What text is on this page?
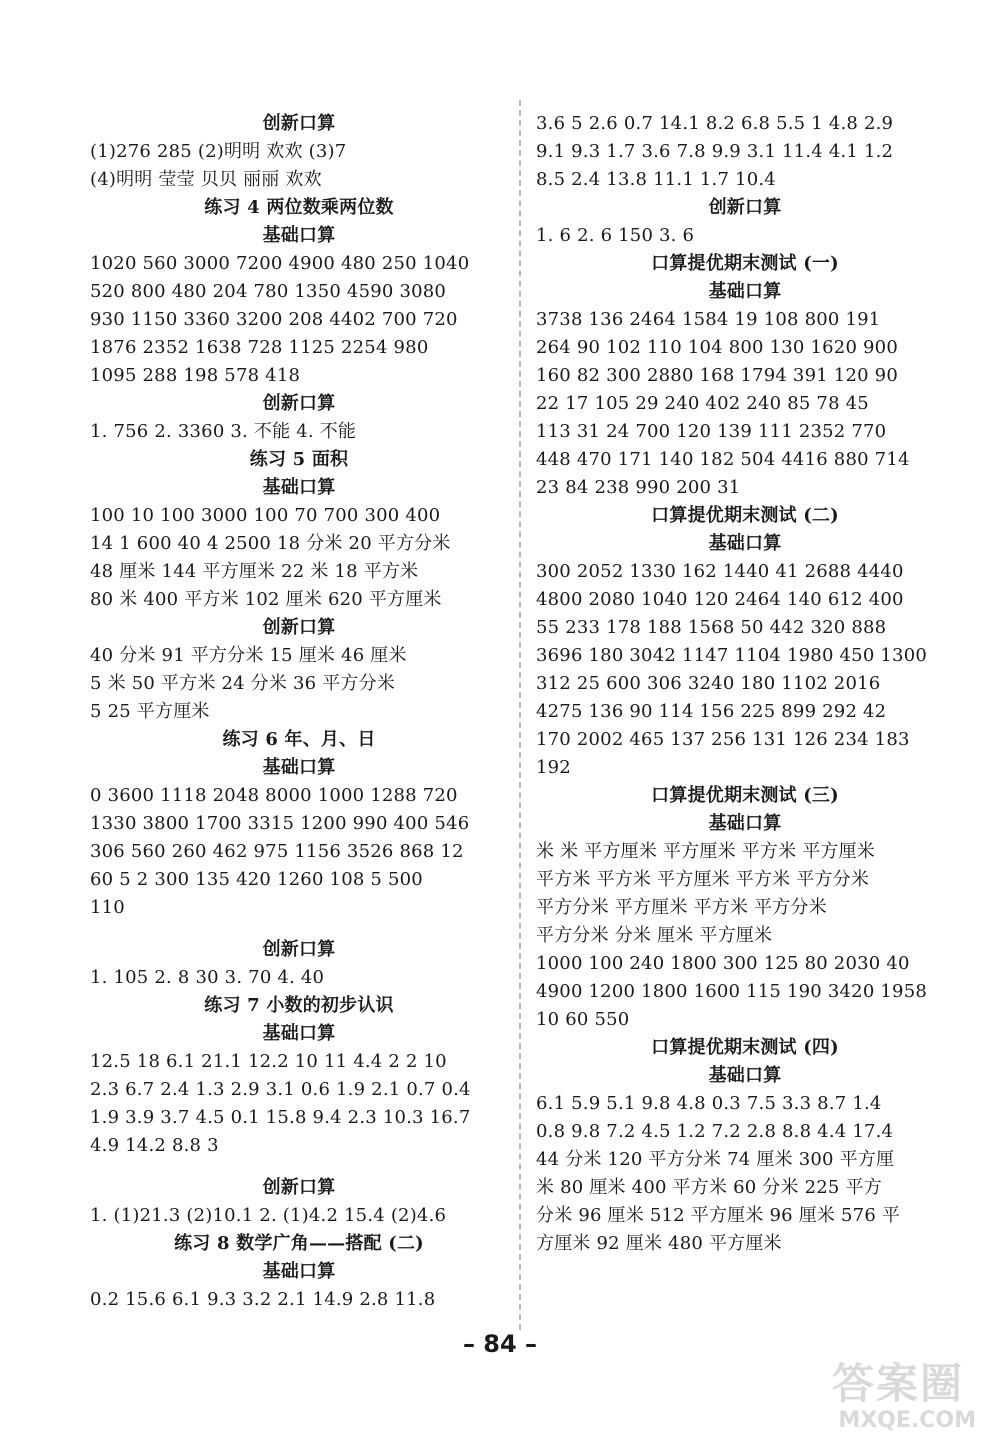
创新口算
(1)276 285 (2)明明 欢欢 (3)7
(4)明明 莹莹 贝贝 丽丽 欢欢
练习 4 两位数乘两位数
基础口算
1020 560 3000 7200 4900 480 250 1040
520 800 480 204 780 1350 4590 3080
930 1150 3360 3200 208 4402 700 720
1876 2352 1638 728 1125 2254 980
1095 288 198 578 418
创新口算
1. 756 2. 3360 3. 不能 4. 不能
练习 5 面积
基础口算
100 10 100 3000 100 70 700 300 400
14 1 600 40 4 2500 18 分米 20 平方分米
48 厘米 144 平方厘米 22 米 18 平方米
80 米 400 平方米 102 厘米 620 平方厘米
创新口算
40 分米 91 平方分米 15 厘米 46 厘米
5 米 50 平方米 24 分米 36 平方分米
5 25 平方厘米
练习 6 年、月、日
基础口算
0 3600 1118 2048 8000 1000 1288 720
1330 3800 1700 3315 1200 990 400 546
306 560 260 462 975 1156 3526 868 12
60 5 2 300 135 420 1260 108 5 500
110
创新口算
1. 105 2. 8 30 3. 70 4. 40
练习 7 小数的初步认识
基础口算
12.5 18 6.1 21.1 12.2 10 11 4.4 2 2 10
2.3 6.7 2.4 1.3 2.9 3.1 0.6 1.9 2.1 0.7 0.4
1.9 3.9 3.7 4.5 0.1 15.8 9.4 2.3 10.3 16.7
4.9 14.2 8.8 3
创新口算
1. (1)21.3 (2)10.1 2. (1)4.2 15.4 (2)4.6
练习 8 数学广角——搭配 (二)
基础口算
0.2 15.6 6.1 9.3 3.2 2.1 14.9 2.8 11.8
3.6 5 2.6 0.7 14.1 8.2 6.8 5.5 1 4.8 2.9
9.1 9.3 1.7 3.6 7.8 9.9 3.1 11.4 4.1 1.2
8.5 2.4 13.8 11.1 1.7 10.4
创新口算
1. 6 2. 6 150 3. 6
口算提优期末测试 (一)
基础口算
3738 136 2464 1584 19 108 800 191
264 90 102 110 104 800 130 1620 900
160 82 300 2880 168 1794 391 120 90
22 17 105 29 240 402 240 85 78 45
113 31 24 700 120 139 111 2352 770
448 470 171 140 182 504 4416 880 714
23 84 238 990 200 31
口算提优期末测试 (二)
基础口算
300 2052 1330 162 1440 41 2688 4440
4800 2080 1040 120 2464 140 612 400
55 233 178 188 1568 50 442 320 888
3696 180 3042 1147 1104 1980 450 1300
312 25 600 306 3240 180 1102 2016
4275 136 90 114 156 225 899 292 42
170 2002 465 137 256 131 126 234 183
192
口算提优期末测试 (三)
基础口算
米 米 平方厘米 平方厘米 平方米 平方厘米
平方米 平方米 平方厘米 平方米 平方分米
平方分米 平方厘米 平方米 平方分米
平方分米 分米 厘米 平方厘米
1000 100 240 1800 300 125 80 2030 40
4900 1200 1800 1600 115 190 3420 1958
10 60 550
口算提优期末测试 (四)
基础口算
6.1 5.9 5.1 9.8 4.8 0.3 7.5 3.3 8.7 1.4
0.8 9.8 7.2 4.5 1.2 7.2 2.8 8.8 4.4 17.4
44 分米 120 平方分米 74 厘米 300 平方厘
米 80 厘米 400 平方米 60 分米 225 平方
分米 96 厘米 512 平方厘米 96 厘米 576 平
方厘米 92 厘米 480 平方厘米
– 84 –
答案圈
MXQE.COM
